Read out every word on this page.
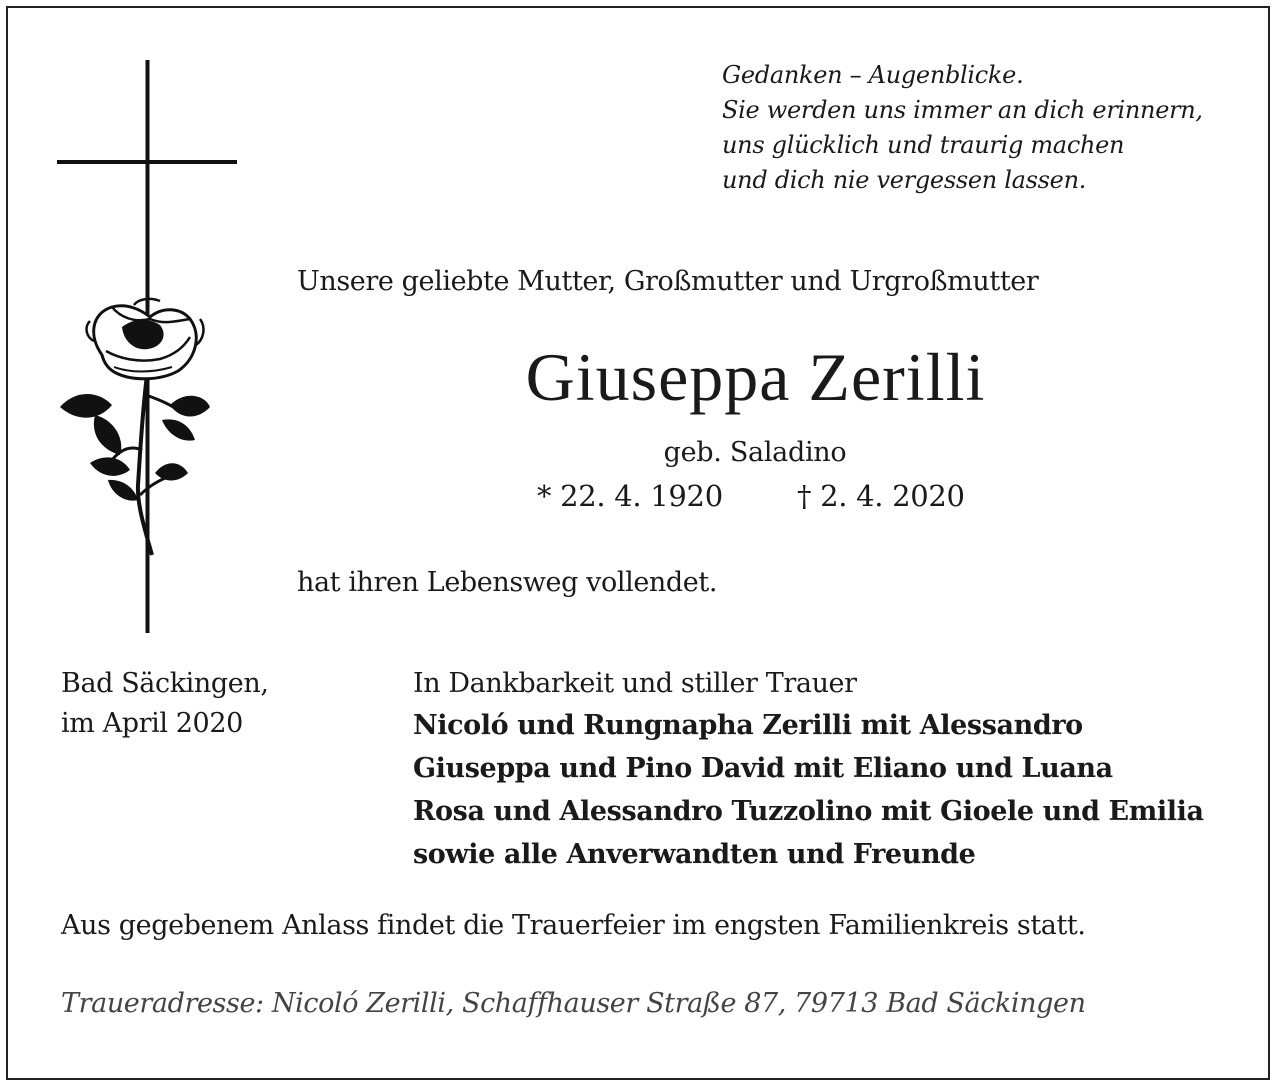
Gedanken – Augenblicke.
Sie werden uns immer an dich erinnern,
uns glücklich und traurig machen
und dich nie vergessen lassen.
Unsere geliebte Mutter, Großmutter und Urgroßmutter
Giuseppa Zerilli
geb. Saladino
* 22. 4. 1920	† 2. 4. 2020
hat ihren Lebensweg vollendet.
Bad Säckingen,
im April 2020
In Dankbarkeit und stiller Trauer
Nicoló und Rungnapha Zerilli mit Alessandro
Giuseppa und Pino David mit Eliano und Luana
Rosa und Alessandro Tuzzolino mit Gioele und Emilia
sowie alle Anverwandten und Freunde
Aus gegebenem Anlass findet die Trauerfeier im engsten Familienkreis statt.
Traueradresse: Nicoló Zerilli, Schaffhauser Straße 87, 79713 Bad Säckingen
